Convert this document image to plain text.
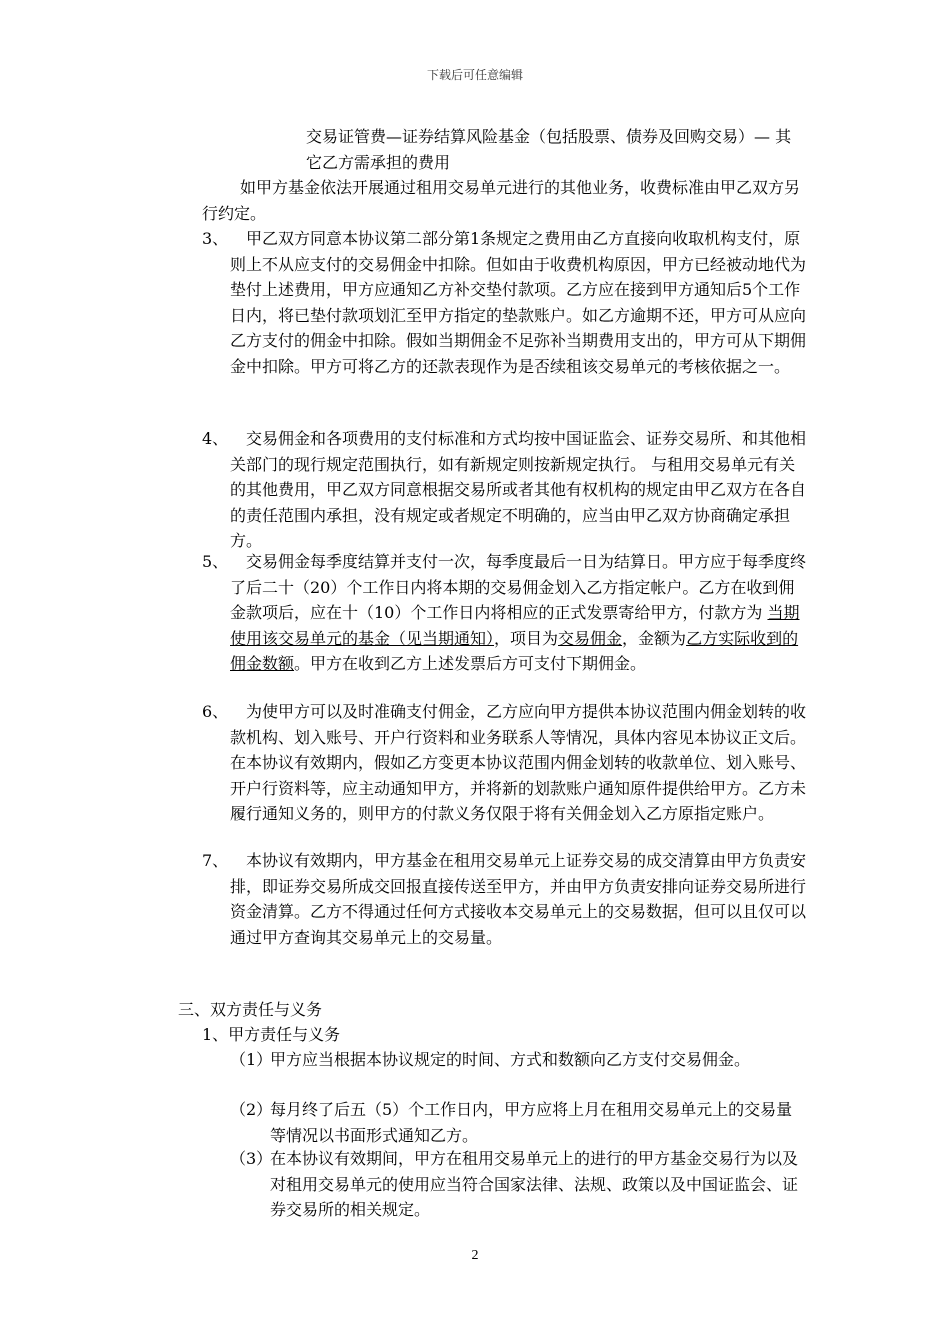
下载后可任意编辑

交易证管费—证券结算风险基金（包括股票、债券及回购交易）— 其它乙方需承担的费用

如甲方基金依法开展通过租用交易单元进行的其他业务，收费标准由甲乙双方另行约定。

3、	甲乙双方同意本协议第二部分第1条规定之费用由乙方直接向收取机构支付，原则上不从应支付的交易佣金中扣除。但如由于收费机构原因，甲方已经被动地代为垫付上述费用，甲方应通知乙方补交垫付款项。乙方应在接到甲方通知后5个工作日内，将已垫付款项划汇至甲方指定的垫款账户。如乙方逾期不还，甲方可从应向乙方支付的佣金中扣除。假如当期佣金不足弥补当期费用支出的，甲方可从下期佣金中扣除。甲方可将乙方的还款表现作为是否续租该交易单元的考核依据之一。

4、	交易佣金和各项费用的支付标准和方式均按中国证监会、证券交易所、和其他相关部门的现行规定范围执行，如有新规定则按新规定执行。 与租用交易单元有关的其他费用，甲乙双方同意根据交易所或者其他有权机构的规定由甲乙双方在各自的责任范围内承担，没有规定或者规定不明确的，应当由甲乙双方协商确定承担方。

5、	交易佣金每季度结算并支付一次，每季度最后一日为结算日。甲方应于每季度终了后二十（20）个工作日内将本期的交易佣金划入乙方指定帐户。乙方在收到佣金款项后，应在十（10）个工作日内将相应的正式发票寄给甲方，付款方为 当期使用该交易单元的基金（见当期通知），项目为交易佣金，金额为乙方实际收到的佣金数额。甲方在收到乙方上述发票后方可支付下期佣金。

6、	为使甲方可以及时准确支付佣金，乙方应向甲方提供本协议范围内佣金划转的收款机构、划入账号、开户行资料和业务联系人等情况，具体内容见本协议正文后。在本协议有效期内，假如乙方变更本协议范围内佣金划转的收款单位、划入账号、开户行资料等，应主动通知甲方，并将新的划款账户通知原件提供给甲方。乙方未履行通知义务的，则甲方的付款义务仅限于将有关佣金划入乙方原指定账户。

7、	本协议有效期内，甲方基金在租用交易单元上证券交易的成交清算由甲方负责安排，即证券交易所成交回报直接传送至甲方，并由甲方负责安排向证券交易所进行资金清算。乙方不得通过任何方式接收本交易单元上的交易数据，但可以且仅可以通过甲方查询其交易单元上的交易量。

三、双方责任与义务

1、甲方责任与义务

（1）

甲方应当根据本协议规定的时间、方式和数额向乙方支付交易佣金。

（2）

每月终了后五（5）个工作日内，甲方应将上月在租用交易单元上的交易量等情况以书面形式通知乙方。

（3）

在本协议有效期间，甲方在租用交易单元上的进行的甲方基金交易行为以及对租用交易单元的使用应当符合国家法律、法规、政策以及中国证监会、证券交易所的相关规定。

2
